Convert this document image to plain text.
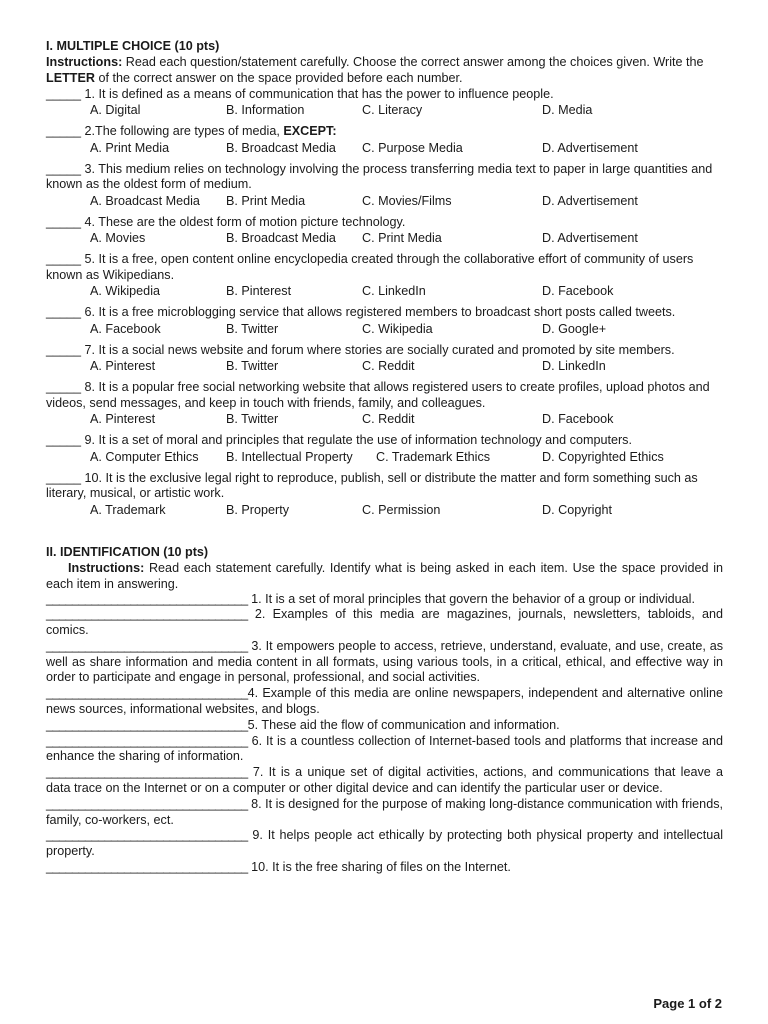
I. MULTIPLE CHOICE (10 pts)
Instructions: Read each question/statement carefully. Choose the correct answer among the choices given. Write the LETTER of the correct answer on the space provided before each number.
_____ 1. It is defined as a means of communication that has the power to influence people.
A. Digital	B. Information	C. Literacy	D. Media
_____ 2.The following are types of media, EXCEPT:
A. Print Media	B. Broadcast Media	C. Purpose Media	D. Advertisement
_____ 3. This medium relies on technology involving the process transferring media text to paper in large quantities and known as the oldest form of medium.
A. Broadcast Media	B. Print Media	C. Movies/Films	D. Advertisement
_____ 4. These are the oldest form of motion picture technology.
A. Movies	B. Broadcast Media	C. Print Media	D. Advertisement
_____ 5. It is a free, open content online encyclopedia created through the collaborative effort of community of users known as Wikipedians.
A. Wikipedia	B. Pinterest	C. LinkedIn	D. Facebook
_____ 6. It is a free microblogging service that allows registered members to broadcast short posts called tweets.
A. Facebook	B. Twitter	C. Wikipedia	D. Google+
_____ 7. It is a social news website and forum where stories are socially curated and promoted by site members.
A. Pinterest	B. Twitter	C. Reddit	D. LinkedIn
_____ 8. It is a popular free social networking website that allows registered users to create profiles, upload photos and videos, send messages, and keep in touch with friends, family, and colleagues.
A. Pinterest	B. Twitter	C. Reddit	D. Facebook
_____ 9. It is a set of moral and principles that regulate the use of information technology and computers.
A. Computer Ethics	B. Intellectual Property	C. Trademark Ethics	D. Copyrighted Ethics
_____ 10. It is the exclusive legal right to reproduce, publish, sell or distribute the matter and form something such as literary, musical, or artistic work.
A. Trademark	B. Property	C. Permission	D. Copyright
II. IDENTIFICATION (10 pts)
Instructions: Read each statement carefully. Identify what is being asked in each item. Use the space provided in each item in answering.
_______________________________ 1. It is a set of moral principles that govern the behavior of a group or individual.
_______________________________ 2. Examples of this media are magazines, journals, newsletters, tabloids, and comics.
_______________________________ 3. It empowers people to access, retrieve, understand, evaluate, and use, create, as well as share information and media content in all formats, using various tools, in a critical, ethical, and effective way in order to participate and engage in personal, professional, and social activities.
_______________________________4. Example of this media are online newspapers, independent and alternative online news sources, informational websites, and blogs.
_______________________________5. These aid the flow of communication and information.
_______________________________ 6. It is a countless collection of Internet-based tools and platforms that increase and enhance the sharing of information.
_______________________________ 7. It is a unique set of digital activities, actions, and communications that leave a data trace on the Internet or on a computer or other digital device and can identify the particular user or device.
_______________________________ 8. It is designed for the purpose of making long-distance communication with friends, family, co-workers, ect.
_______________________________ 9. It helps people act ethically by protecting both physical property and intellectual property.
_______________________________ 10. It is the free sharing of files on the Internet.
Page 1 of 2
